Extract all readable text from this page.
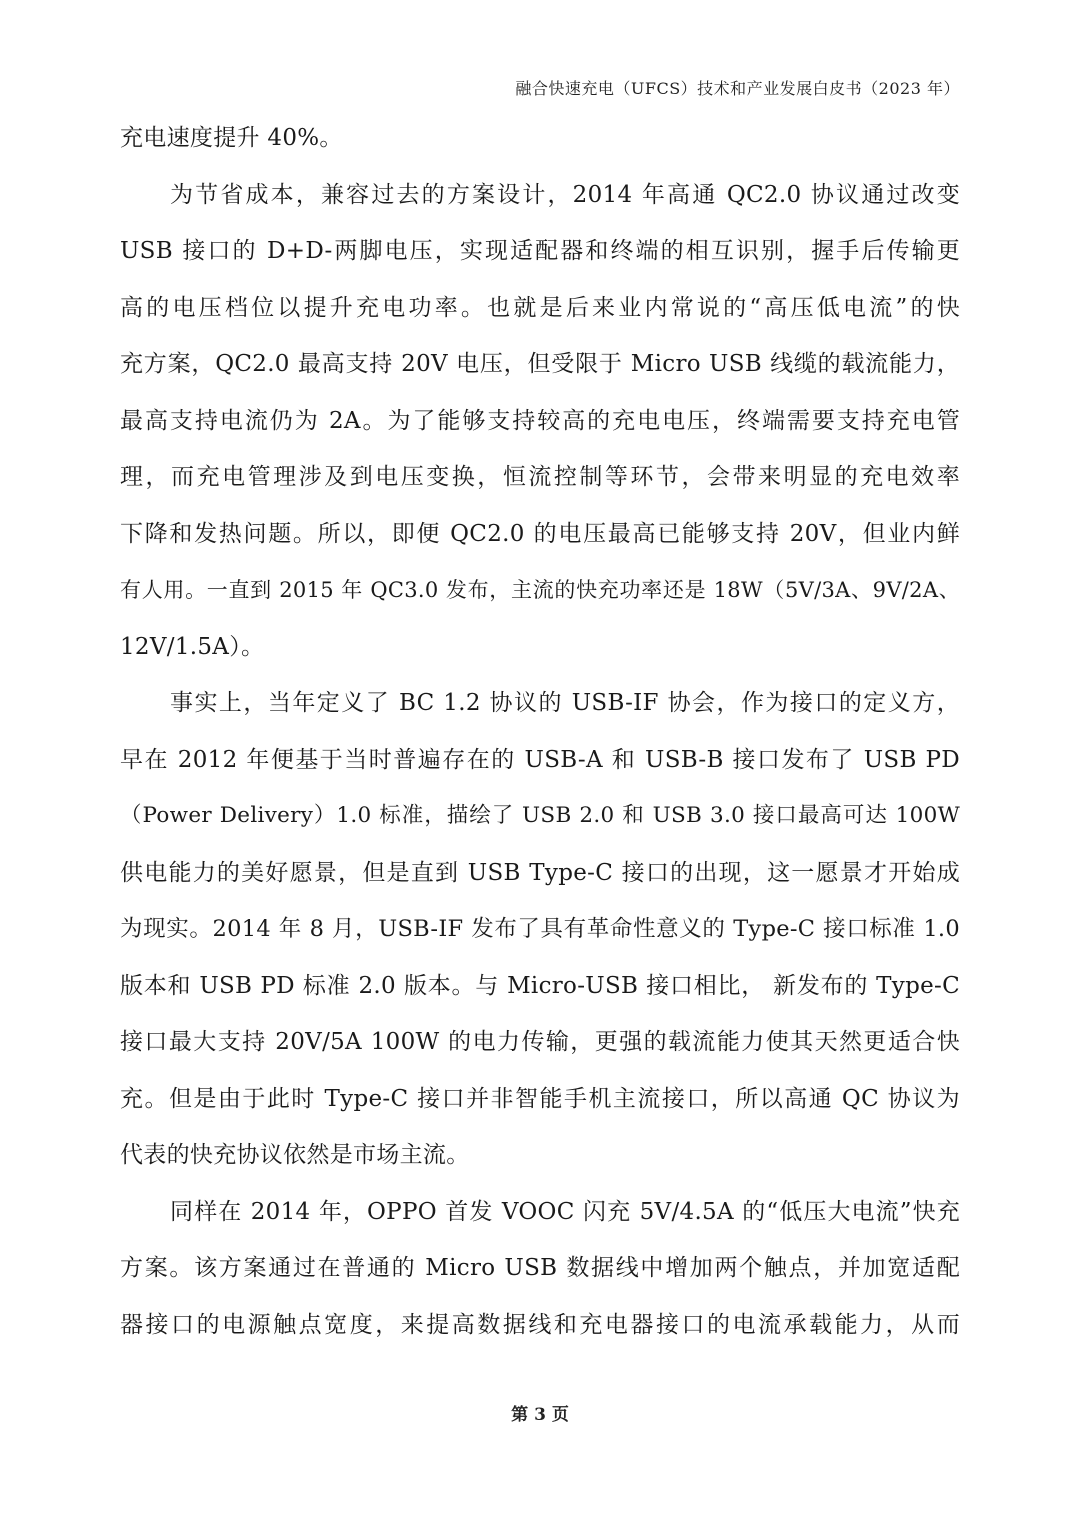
融合快速充电（UFCS）技术和产业发展白皮书（2023 年）
充电速度提升 40%。
为节省成本，兼容过去的方案设计，2014 年高通 QC2.0 协议通过改变
USB 接口的 D+D-两脚电压，实现适配器和终端的相互识别，握手后传输更
高的电压档位以提升充电功率。也就是后来业内常说的“高压低电流”的快
充方案，QC2.0 最高支持 20V 电压，但受限于 Micro USB 线缆的载流能力，
最高支持电流仍为 2A。为了能够支持较高的充电电压，终端需要支持充电管
理，而充电管理涉及到电压变换，恒流控制等环节，会带来明显的充电效率
下降和发热问题。所以，即便 QC2.0 的电压最高已能够支持 20V，但业内鲜
有人用。一直到 2015 年 QC3.0 发布，主流的快充功率还是 18W（5V/3A、9V/2A、
12V/1.5A）。
事实上，当年定义了 BC 1.2 协议的 USB-IF 协会，作为接口的定义方，
早在 2012 年便基于当时普遍存在的 USB-A 和 USB-B 接口发布了 USB PD
（Power Delivery）1.0 标准，描绘了 USB 2.0 和 USB 3.0 接口最高可达 100W
供电能力的美好愿景，但是直到 USB Type-C 接口的出现，这一愿景才开始成
为现实。2014 年 8 月，USB-IF 发布了具有革命性意义的 Type-C 接口标准 1.0
版本和 USB PD 标准 2.0 版本。与 Micro-USB 接口相比， 新发布的 Type-C
接口最大支持 20V/5A 100W 的电力传输，更强的载流能力使其天然更适合快
充。但是由于此时 Type-C 接口并非智能手机主流接口，所以高通 QC 协议为
代表的快充协议依然是市场主流。
同样在 2014 年，OPPO 首发 VOOC 闪充 5V/4.5A 的“低压大电流”快充
方案。该方案通过在普通的 Micro USB 数据线中增加两个触点，并加宽适配
器接口的电源触点宽度，来提高数据线和充电器接口的电流承载能力，从而
第 3 页
